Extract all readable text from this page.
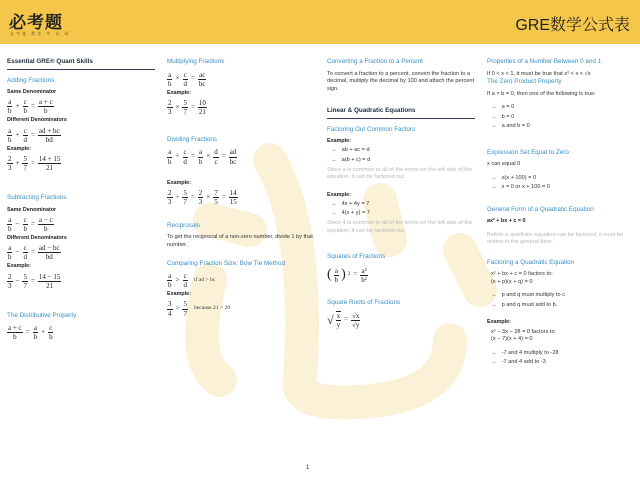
必考题
必考题 教育 考 试 网	GRE数学公式表
Essential GRE® Quant Skills
Adding Fractions
Same Denominator
a
b
+ $\frac{c}{b} = \frac{a + c}{b}$
Different Denominators
a
b
+ $\frac{c}{d} = \frac{ad + bc}{bd}$
Example:
2
3
+ $\frac{5}{7} = \frac{14 + 15}{21}$
Subtracting Fractions
Same Denominator
a
b
− $\frac{c}{b} = \frac{a - c}{b}$
Different Denominators
a
b
− $\frac{c}{d} = \frac{ad - bc}{bd}$
Example:
2
3
− $\frac{5}{7} = \frac{14 - 15}{21}$
The Distributive Property
$\frac{a + c}{b} = \frac{a}{b} + \frac{c}{b}$
Multiplying Fractions
$\frac{a}{b} \times \frac{c}{d} = \frac{ac}{bc}$
Example:
$\frac{2}{3} \times \frac{5}{7} = \frac{10}{21}$
Dividing Fractions
$\frac{a}{b} \div \frac{c}{d} = \frac{a}{b} \times \frac{d}{c} = \frac{ad}{bc}$
Example:
$\frac{2}{3} \div \frac{5}{7} = \frac{2}{3} \times \frac{7}{5} = \frac{14}{15}$
Reciprocals
To get the reciprocal of a non-zero number, divide 1 by that number.
Comparing Fraction Size: Bow Tie Method
a
b
> c
d
if ad > bc
Example:
3
4
> 5
7
because 21 > 20
Converting a Fraction to a Percent
To convert a fraction to a percent, convert the fraction to a decimal, multiply the decimal by 100 and attach the percent sign.
Linear & Quadratic Equations
Factoring Out Common Factors
Example:
→ ab + ac = d
→ a(b + c) = d
Since a is common to all of the terms on the left side of the equation, it can be factored out.
Example:
→ 4x + 4y = 7
→ 4(x + y) = 7
Since 4 is common to all of the terms on the left side of the equation, it can be factored out.
Squares of Fractions
( a
b ) $2 = \frac{\text{a²}}{\text{b²}}$
Square Roots of Fractions
√ $\frac{x}{y} = \frac{√x}{√y}$
Properties of a Number Between 0 and 1
If 0 < x < 1, it must be true that x² < x < √x
The Zero Product Property
If a × b = 0, then one of the following is true:
→ a = 0
→ b = 0
→ a and b = 0
Expression Set Equal to Zero
x can equal 0
→ x(x + 100) = 0
→ x = 0 or x + 100 = 0
General Form of a Quadratic Equation
ax² + bx + c = 0
Before a quadratic equation can be factored, it must be written in the general form.
Factoring a Quadratic Equation
x² + bx + c = 0 factors to:
(x + p)(x + q) = 0
→ p and q must multiply to c
→ p and q must add to b.
Example:
x² − 3x − 28 = 0 factors to:
(x − 7)(x + 4) = 0
→ -7 and 4 multiply to -28
→ -7 and 4 add to -3
1
